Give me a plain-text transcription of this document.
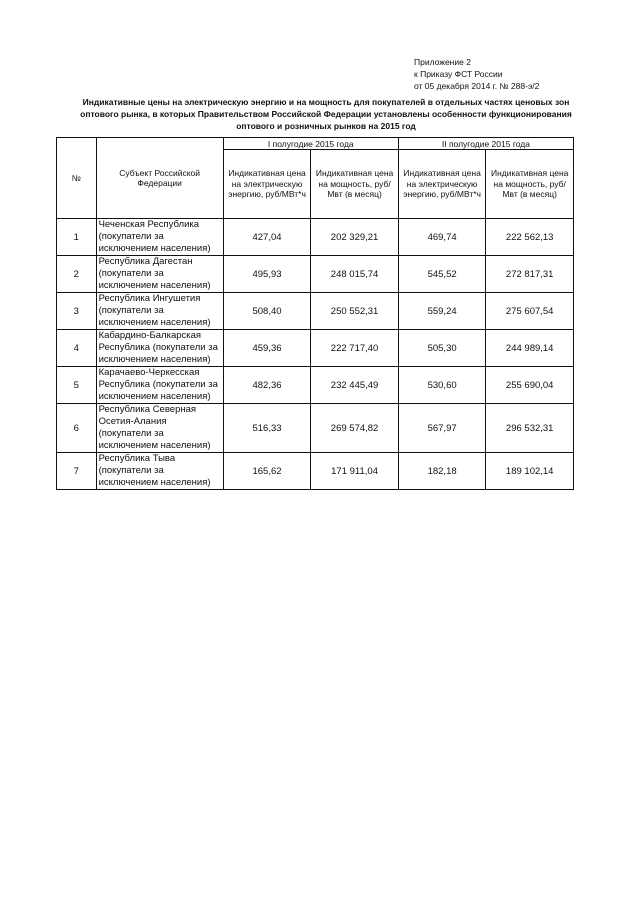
Приложение 2
к Приказу ФСТ России
от 05 декабря 2014 г. № 288-э/2
Индикативные цены на электрическую энергию и на мощность для покупателей в отдельных частях ценовых зон оптового рынка, в которых Правительством Российской Федерации установлены особенности функционирования оптового и розничных рынков на 2015 год
№	Субъект Российской Федерации	I полугодие 2015 года		II полугодие 2015 года	
		Индикативная цена на электрическую энергию, руб/МВт*ч	Индикативная цена на мощность, руб/Мвт (в месяц)	Индикативная цена на электрическую энергию, руб/МВт*ч	Индикативная цена на мощность, руб/Мвт (в месяц)
1	Чеченская Республика (покупатели за исключением населения)	427,04	202 329,21	469,74	222 562,13
2	Республика Дагестан (покупатели за исключением населения)	495,93	248 015,74	545,52	272 817,31
3	Республика Ингушетия (покупатели за исключением населения)	508,40	250 552,31	559,24	275 607,54
4	Кабардино-Балкарская Республика (покупатели за исключением населения)	459,36	222 717,40	505,30	244 989,14
5	Карачаево-Черкесская Республика (покупатели за исключением населения)	482,36	232 445,49	530,60	255 690,04
6	Республика Северная Осетия-Алания (покупатели за исключением населения)	516,33	269 574,82	567,97	296 532,31
7	Республика Тыва (покупатели за исключением населения)	165,62	171 911,04	182,18	189 102,14
